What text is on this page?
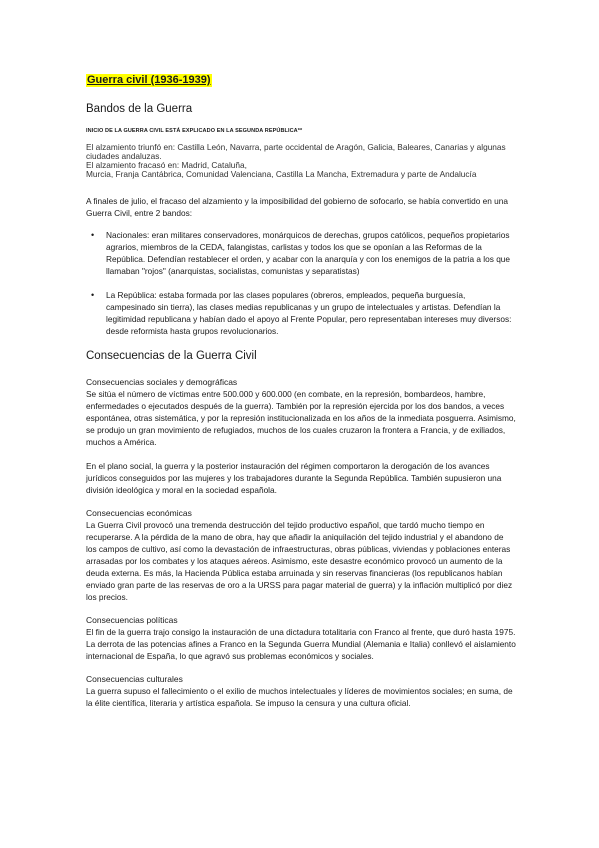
Guerra civil (1936-1939)
Bandos de la Guerra
INICIO DE LA GUERRA CIVIL ESTÁ EXPLICADO EN LA SEGUNDA REPÚBLICA**

El alzamiento triunfó en: Castilla León, Navarra, parte occidental de Aragón, Galicia, Baleares, Canarias y algunas ciudades andaluzas.

El alzamiento fracasó en: Madrid, Cataluña,

Murcia, Franja Cantábrica, Comunidad Valenciana, Castilla La Mancha, Extremadura y parte de Andalucía

A finales de julio, el fracaso del alzamiento y la imposibilidad del gobierno de sofocarlo, se había convertido en una Guerra Civil, entre 2 bandos:

• Nacionales: eran militares conservadores, monárquicos de derechas, grupos católicos, pequeños propietarios agrarios, miembros de la CEDA, falangistas, carlistas y todos los que se oponían a las Reformas de la República. Defendían restablecer el orden, y acabar con la anarquía y con los enemigos de la patria a los que llamaban "rojos" (anarquistas, socialistas, comunistas y separatistas)
• La República: estaba formada por las clases populares (obreros, empleados, pequeña burguesía, campesinado sin tierra), las clases medias republicanas y un grupo de intelectuales y artistas. Defendían la legitimidad republicana y habían dado el apoyo al Frente Popular, pero representaban intereses muy diversos: desde reformista hasta grupos revolucionarios.
Consecuencias de la Guerra Civil
Consecuencias sociales y demográficas

Se sitúa el número de víctimas entre 500.000 y 600.000 (en combate, en la represión, bombardeos, hambre, enfermedades o ejecutados después de la guerra). También por la represión ejercida por los dos bandos, a veces espontánea, otras sistemática, y por la represión institucionalizada en los años de la inmediata posguerra. Asimismo, se produjo un gran movimiento de refugiados, muchos de los cuales cruzaron la frontera a Francia, y de exiliados, muchos a América.

En el plano social, la guerra y la posterior instauración del régimen comportaron la derogación de los avances jurídicos conseguidos por las mujeres y los trabajadores durante la Segunda República. También supusieron una división ideológica y moral en la sociedad española.

Consecuencias económicas

La Guerra Civil provocó una tremenda destrucción del tejido productivo español, que tardó mucho tiempo en recuperarse. A la pérdida de la mano de obra, hay que añadir la aniquilación del tejido industrial y el abandono de los campos de cultivo, así como la devastación de infraestructuras, obras públicas, viviendas y poblaciones enteras arrasadas por los combates y los ataques aéreos. Asimismo, este desastre económico provocó un aumento de la deuda externa. Es más, la Hacienda Pública estaba arruinada y sin reservas financieras (los republicanos habían enviado gran parte de las reservas de oro a la URSS para pagar material de guerra) y la inflación multiplicó por diez los precios.

Consecuencias políticas

El fin de la guerra trajo consigo la instauración de una dictadura totalitaria con Franco al frente, que duró hasta 1975. La derrota de las potencias afines a Franco en la Segunda Guerra Mundial (Alemania e Italia) conllevó el aislamiento internacional de España, lo que agravó sus problemas económicos y sociales.

Consecuencias culturales

La guerra supuso el fallecimiento o el exilio de muchos intelectuales y líderes de movimientos sociales; en suma, de la élite científica, literaria y artística española. Se impuso la censura y una cultura oficial.
